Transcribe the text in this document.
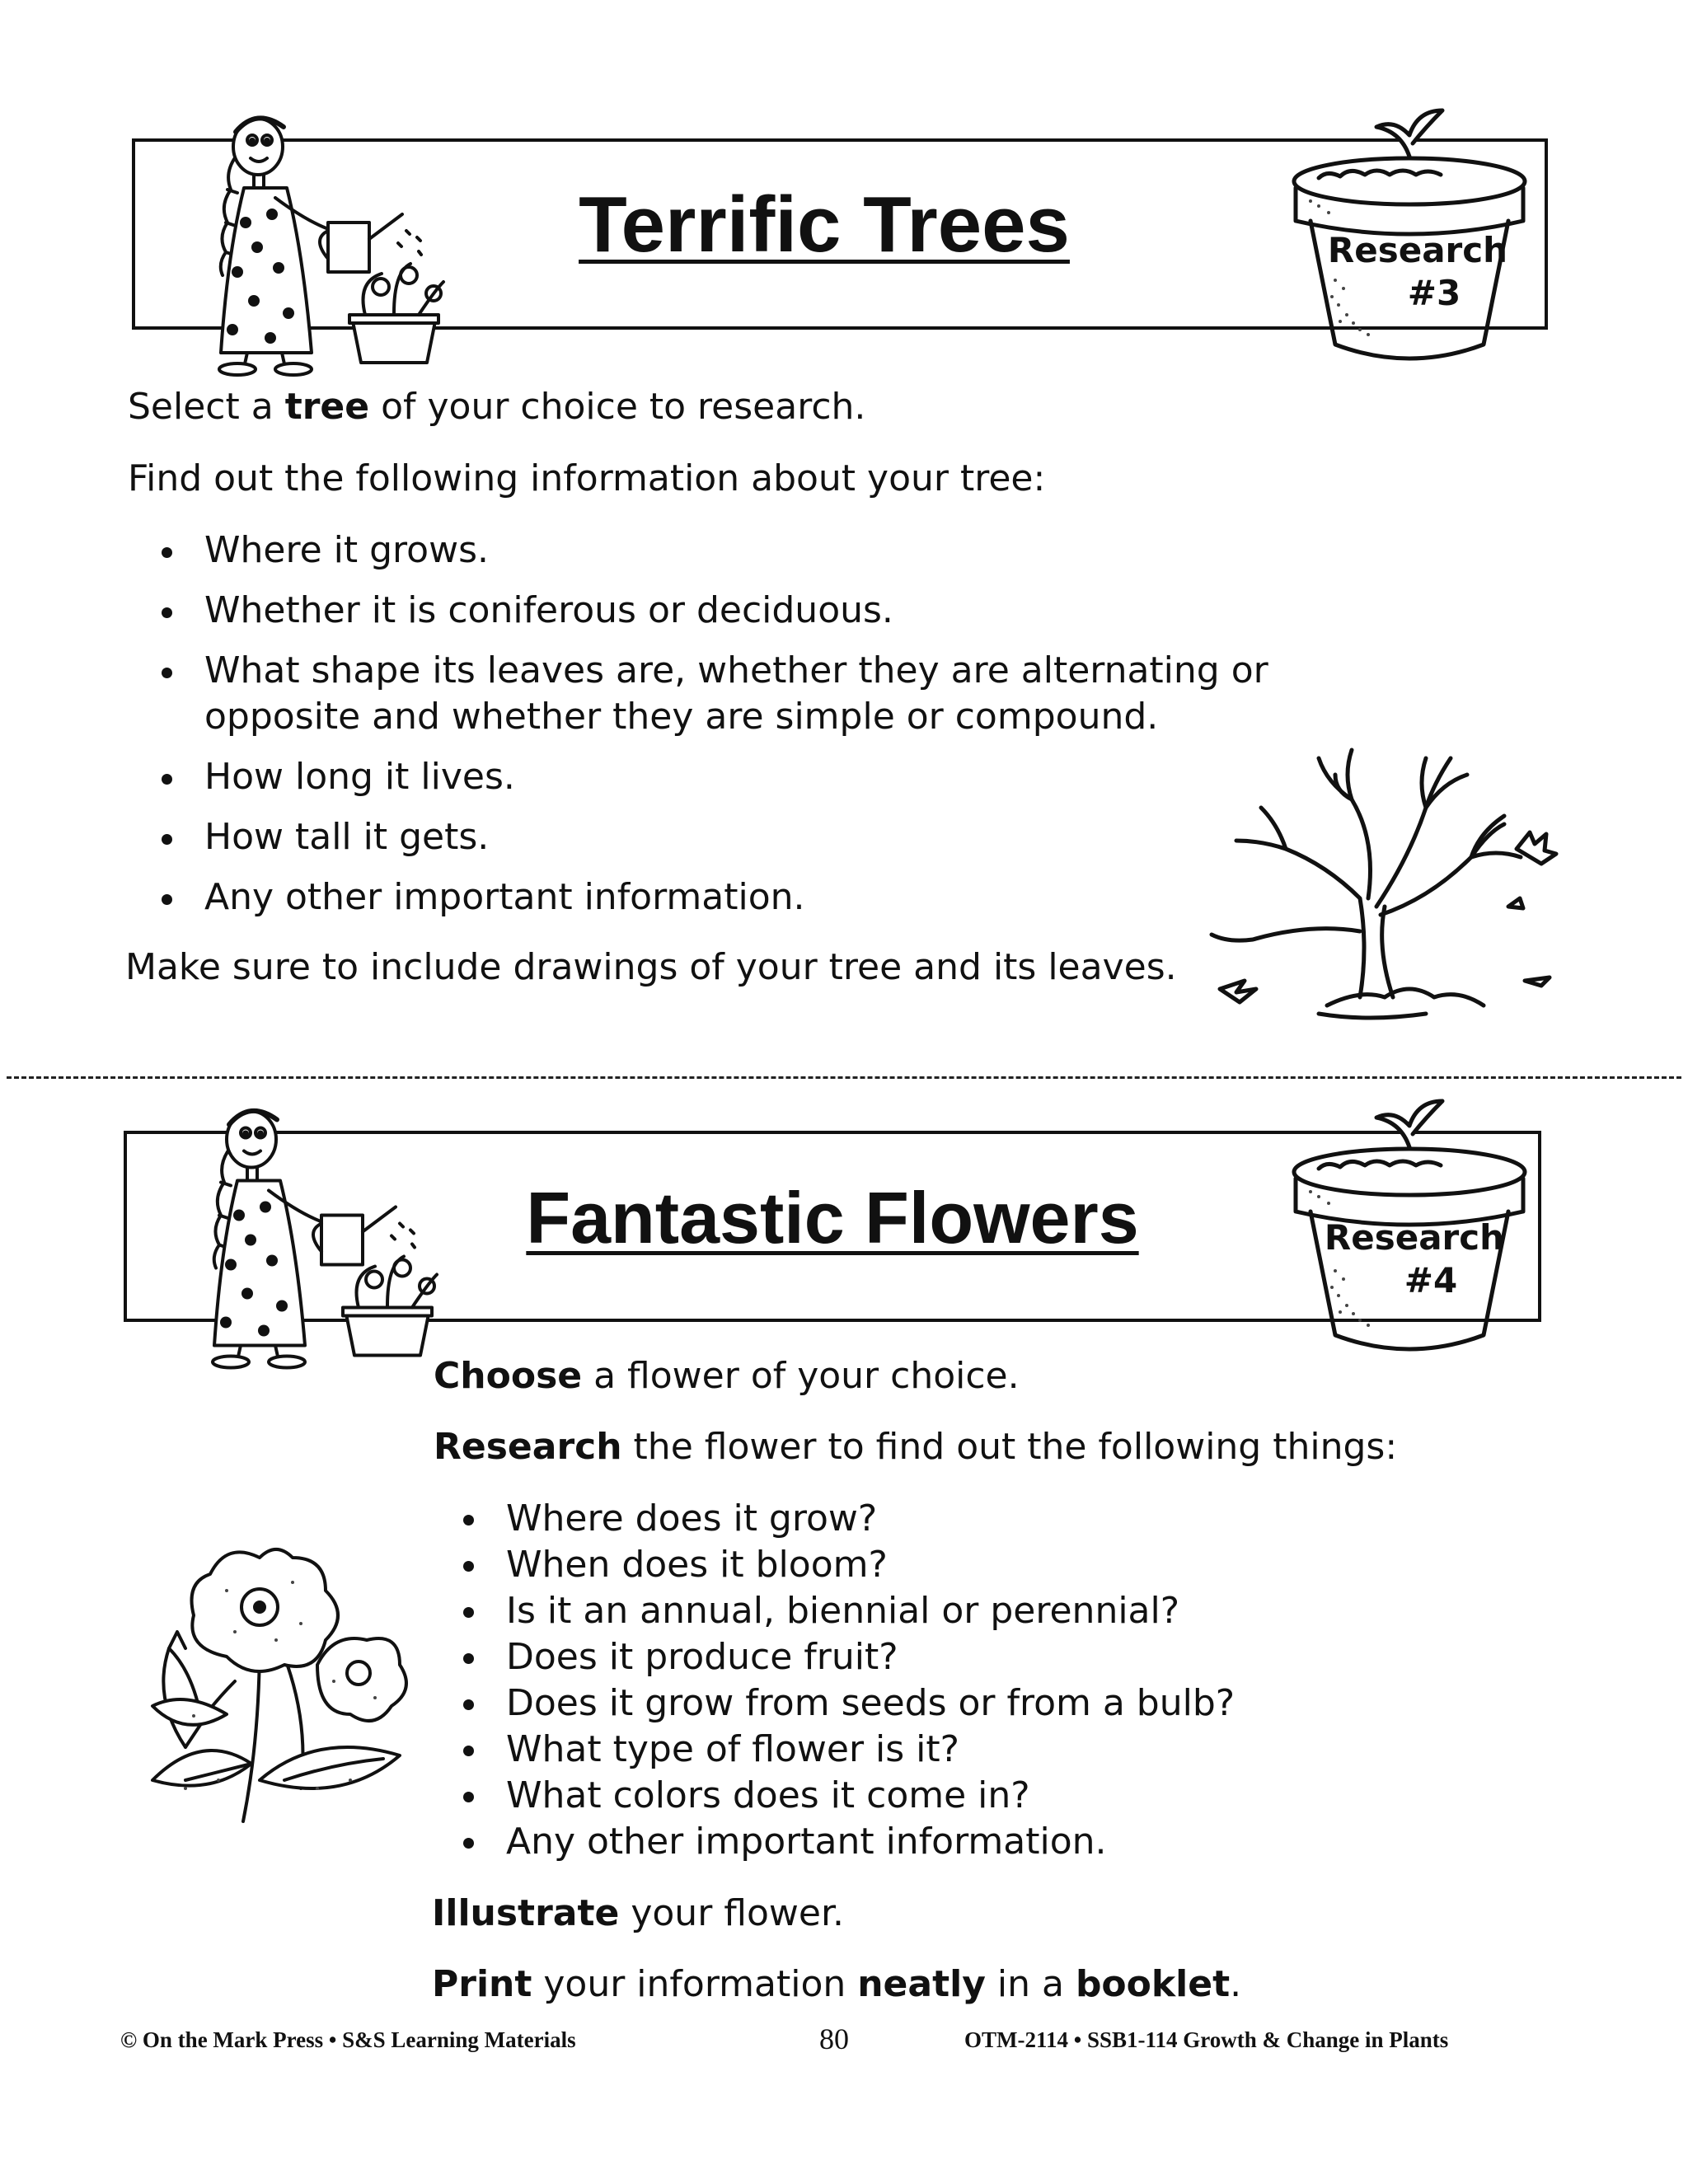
Terrific Trees	Research
#3
Select a tree of your choice to research.
Find out the following information about your tree:
Where it grows.
Whether it is coniferous or deciduous.
What shape its leaves are, whether they are alternating or
opposite and whether they are simple or compound.
How long it lives.
How tall it gets.
Any other important information.
Make sure to include drawings of your tree and its leaves.
Fantastic Flowers	Research
#4
Choose a flower of your choice.
Research the flower to find out the following things:
Where does it grow?
When does it bloom?
Is it an annual, biennial or perennial?
Does it produce fruit?
Does it grow from seeds or from a bulb?
What type of flower is it?
What colors does it come in?
Any other important information.
Illustrate your flower.
Print your information neatly in a booklet.
© On the Mark Press • S&S Learning Materials	80	OTM-2114 • SSB1-114 Growth & Change in Plants
